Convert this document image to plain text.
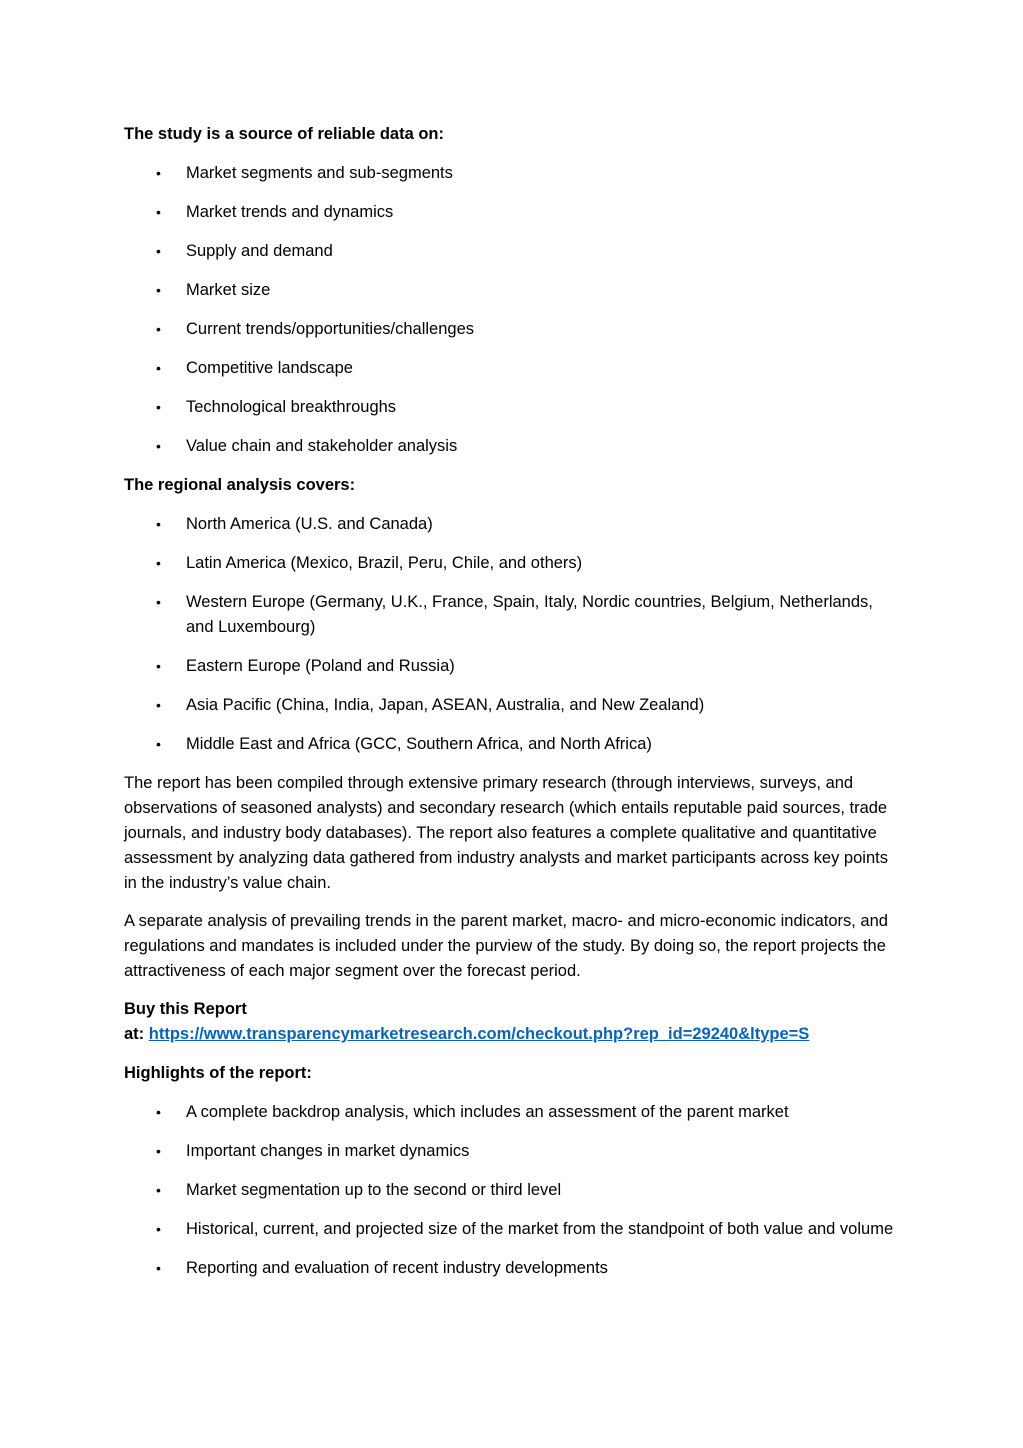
The study is a source of reliable data on:

• Market segments and sub-segments
• Market trends and dynamics
• Supply and demand
• Market size
• Current trends/opportunities/challenges
• Competitive landscape
• Technological breakthroughs
• Value chain and stakeholder analysis

The regional analysis covers:

• North America (U.S. and Canada)
• Latin America (Mexico, Brazil, Peru, Chile, and others)
• Western Europe (Germany, U.K., France, Spain, Italy, Nordic countries, Belgium, Netherlands, and Luxembourg)
• Eastern Europe (Poland and Russia)
• Asia Pacific (China, India, Japan, ASEAN, Australia, and New Zealand)
• Middle East and Africa (GCC, Southern Africa, and North Africa)

The report has been compiled through extensive primary research (through interviews, surveys, and observations of seasoned analysts) and secondary research (which entails reputable paid sources, trade journals, and industry body databases). The report also features a complete qualitative and quantitative assessment by analyzing data gathered from industry analysts and market participants across key points in the industry’s value chain.

A separate analysis of prevailing trends in the parent market, macro- and micro-economic indicators, and regulations and mandates is included under the purview of the study. By doing so, the report projects the attractiveness of each major segment over the forecast period.

Buy this Report
at: https://www.transparencymarketresearch.com/checkout.php?rep_id=29240&ltype=S

Highlights of the report:

• A complete backdrop analysis, which includes an assessment of the parent market
• Important changes in market dynamics
• Market segmentation up to the second or third level
• Historical, current, and projected size of the market from the standpoint of both value and volume
• Reporting and evaluation of recent industry developments
